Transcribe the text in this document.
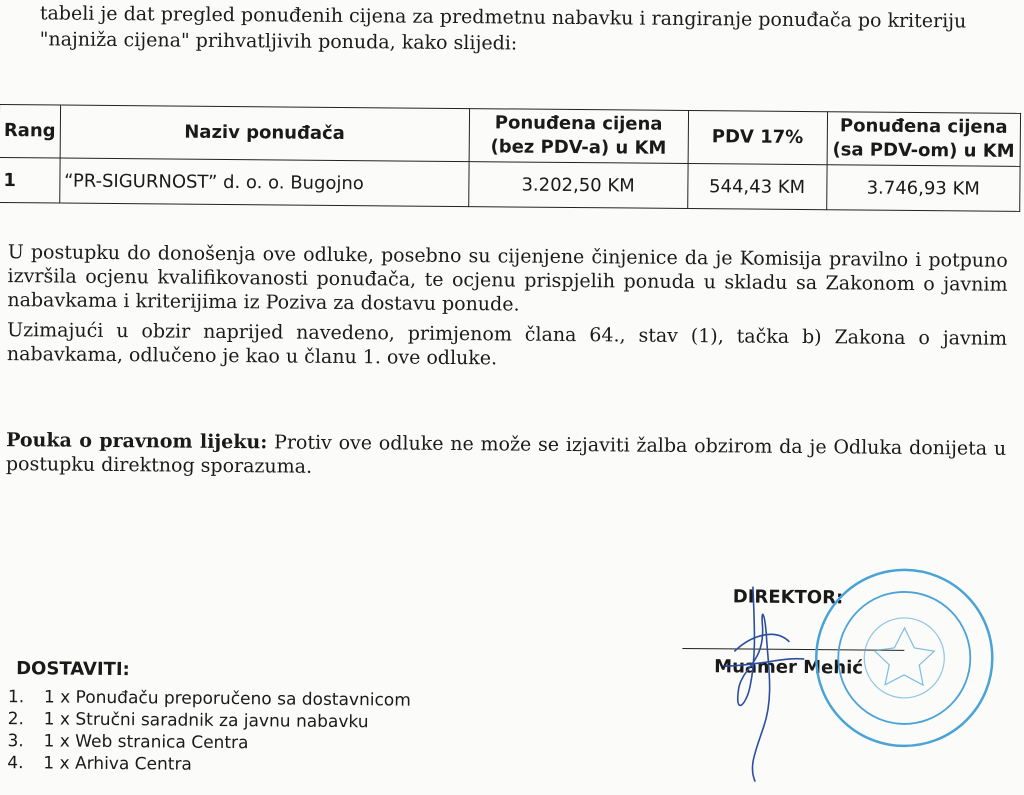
tabeli je dat pregled ponuđenih cijena za predmetnu nabavku i rangiranje ponuđača po kriteriju "najniža cijena" prihvatljivih ponuda, kako slijedi:
Rang	Naziv ponuđača	Ponuđena cijena (bez PDV-a) u KM	PDV 17%	Ponuđena cijena (sa PDV-om) u KM
1	“PR-SIGURNOST” d. o. o. Bugojno	3.202,50 KM	544,43 KM	3.746,93 KM
U postupku do donošenja ove odluke, posebno su cijenjene činjenice da je Komisija pravilno i potpuno izvršila ocjenu kvalifikovanosti ponuđača, te ocjenu prispjelih ponuda u skladu sa Zakonom o javnim nabavkama i kriterijima iz Poziva za dostavu ponude.
Uzimajući u obzir naprijed navedeno, primjenom člana 64., stav (1), tačka b) Zakona o javnim nabavkama, odlučeno je kao u članu 1. ove odluke.
Pouka o pravnom lijeku: Protiv ove odluke ne može se izjaviti žalba obzirom da je Odluka donijeta u postupku direktnog sporazuma.
DIREKTOR:
Muamer Mehić
DOSTAVITI:
1. 1 x Ponuđaču preporučeno sa dostavnicom
2. 1 x Stručni saradnik za javnu nabavku
3. 1 x Web stranica Centra
4. 1 x Arhiva Centra
